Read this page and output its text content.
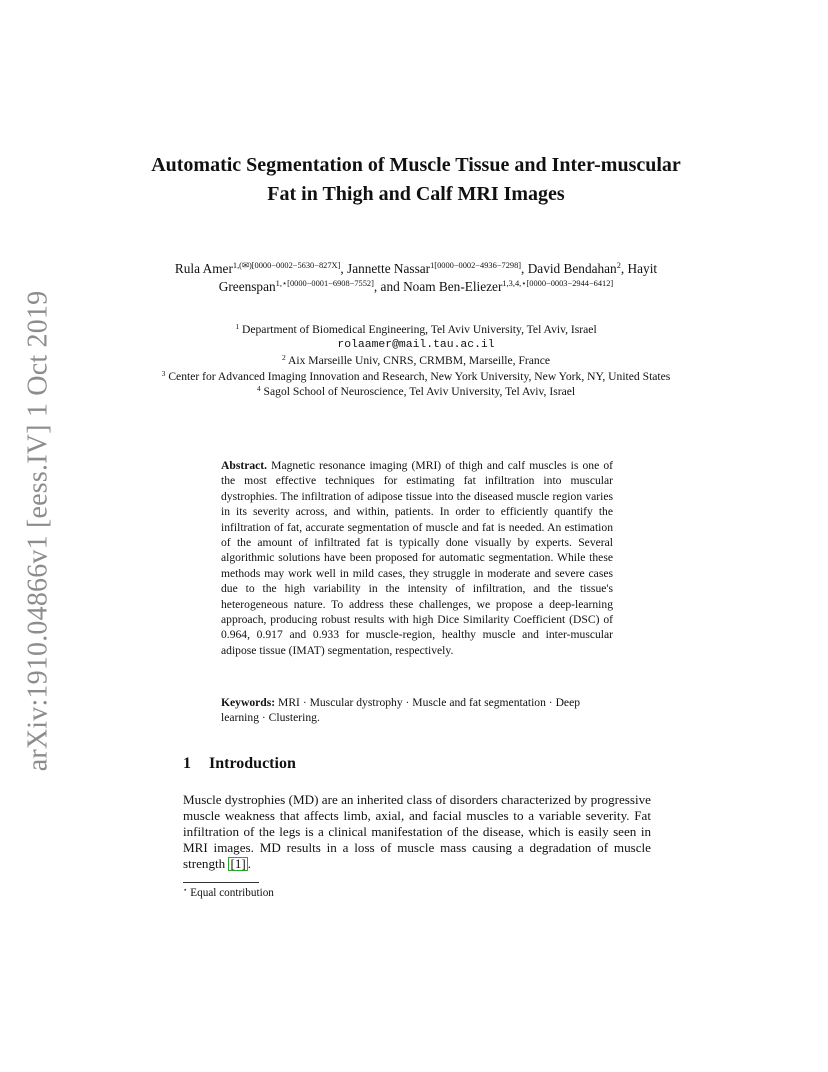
arXiv:1910.04866v1 [eess.IV] 1 Oct 2019
Automatic Segmentation of Muscle Tissue and Inter-muscular Fat in Thigh and Calf MRI Images
Rula Amer$^{1,(✉)[0000-0002-5630-827X]}$, Jannette Nassar$^{1[0000-0002-4936-7298]}$, David Bendahan$^2$, Hayit Greenspan$^{1,⋆[0000-0001-6908-7552]}$, and Noam Ben-Eliezer$^{1,3,4,⋆[0000-0003-2944-6412]}$
$^1$ Department of Biomedical Engineering, Tel Aviv University, Tel Aviv, Israel
rolaamer@mail.tau.ac.il
$^2$ Aix Marseille Univ, CNRS, CRMBM, Marseille, France
$^3$ Center for Advanced Imaging Innovation and Research, New York University, New York, NY, United States
$^4$ Sagol School of Neuroscience, Tel Aviv University, Tel Aviv, Israel
Abstract. Magnetic resonance imaging (MRI) of thigh and calf muscles is one of the most effective techniques for estimating fat infiltration into muscular dystrophies. The infiltration of adipose tissue into the diseased muscle region varies in its severity across, and within, patients. In order to efficiently quantify the infiltration of fat, accurate segmentation of muscle and fat is needed. An estimation of the amount of infiltrated fat is typically done visually by experts. Several algorithmic solutions have been proposed for automatic segmentation. While these methods may work well in mild cases, they struggle in moderate and severe cases due to the high variability in the intensity of infiltration, and the tissue's heterogeneous nature. To address these challenges, we propose a deep-learning approach, producing robust results with high Dice Similarity Coefficient (DSC) of 0.964, 0.917 and 0.933 for muscle-region, healthy muscle and inter-muscular adipose tissue (IMAT) segmentation, respectively.
Keywords: MRI · Muscular dystrophy · Muscle and fat segmentation · Deep learning · Clustering.
1 Introduction
Muscle dystrophies (MD) are an inherited class of disorders characterized by progressive muscle weakness that affects limb, axial, and facial muscles to a variable severity. Fat infiltration of the legs is a clinical manifestation of the disease, which is easily seen in MRI images. MD results in a loss of muscle mass causing a degradation of muscle strength [1] .
⋆ Equal contribution
